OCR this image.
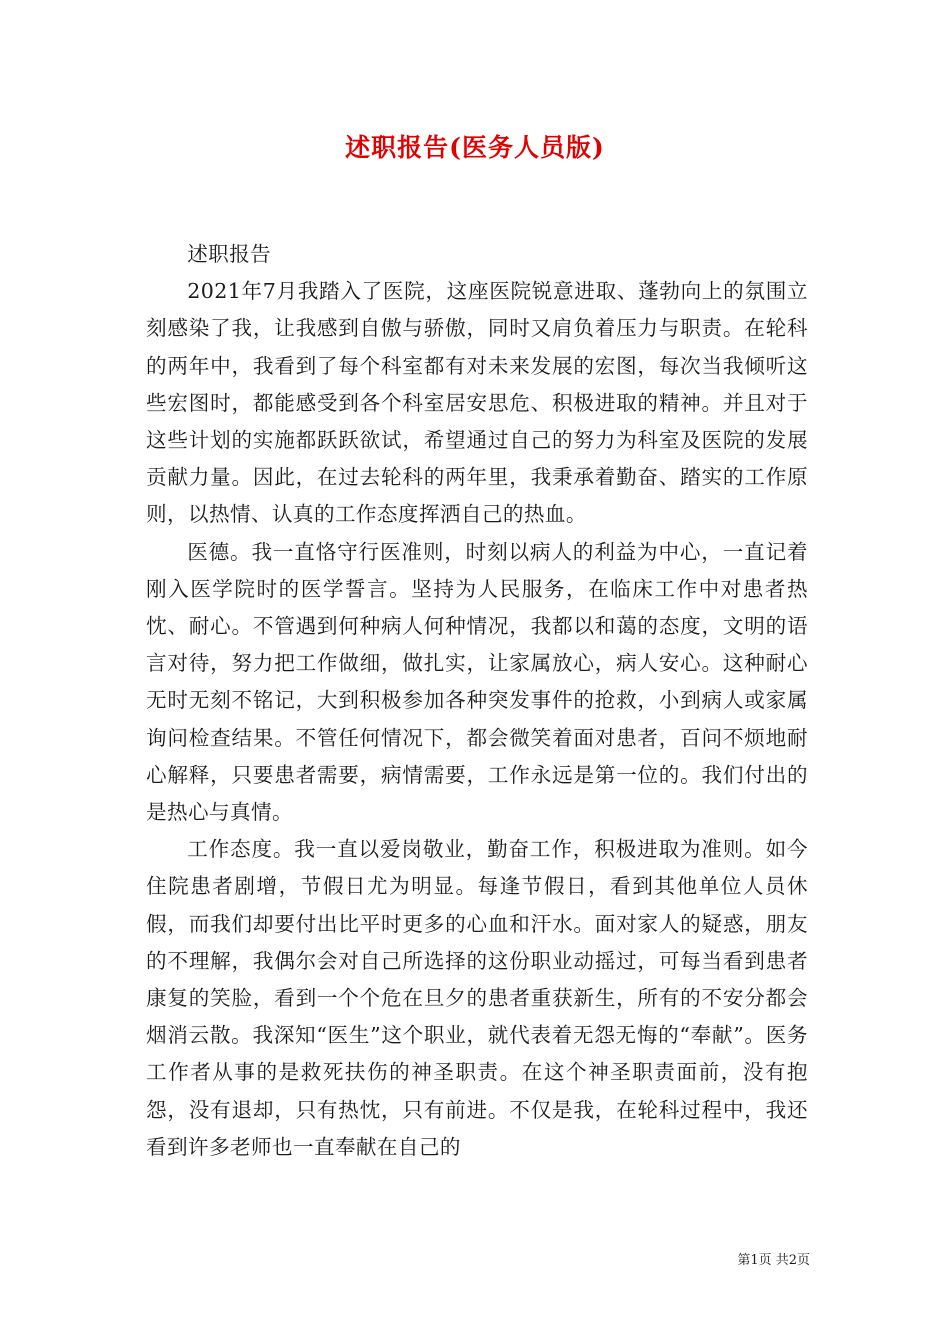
述职报告(医务人员版)

述职报告

2021年7月我踏入了医院，这座医院锐意进取、蓬勃向上的氛围立刻感染了我，让我感到自傲与骄傲，同时又肩负着压力与职责。在轮科的两年中，我看到了每个科室都有对未来发展的宏图，每次当我倾听这些宏图时，都能感受到各个科室居安思危、积极进取的精神。并且对于这些计划的实施都跃跃欲试，希望通过自己的努力为科室及医院的发展贡献力量。因此，在过去轮科的两年里，我秉承着勤奋、踏实的工作原则，以热情、认真的工作态度挥洒自己的热血。

医德。我一直恪守行医准则，时刻以病人的利益为中心，一直记着刚入医学院时的医学誓言。坚持为人民服务，在临床工作中对患者热忱、耐心。不管遇到何种病人何种情况，我都以和蔼的态度，文明的语言对待，努力把工作做细，做扎实，让家属放心，病人安心。这种耐心无时无刻不铭记，大到积极参加各种突发事件的抢救，小到病人或家属询问检查结果。不管任何情况下，都会微笑着面对患者，百问不烦地耐心解释，只要患者需要，病情需要，工作永远是第一位的。我们付出的是热心与真情。

工作态度。我一直以爱岗敬业，勤奋工作，积极进取为准则。如今住院患者剧增，节假日尤为明显。每逢节假日，看到其他单位人员休假，而我们却要付出比平时更多的心血和汗水。面对家人的疑惑，朋友的不理解，我偶尔会对自己所选择的这份职业动摇过，可每当看到患者康复的笑脸，看到一个个危在旦夕的患者重获新生，所有的不安分都会烟消云散。我深知“医生”这个职业，就代表着无怨无悔的“奉献”。医务工作者从事的是救死扶伤的神圣职责。在这个神圣职责面前，没有抱怨，没有退却，只有热忱，只有前进。不仅是我，在轮科过程中，我还看到许多老师也一直奉献在自己的

第1页 共2页
